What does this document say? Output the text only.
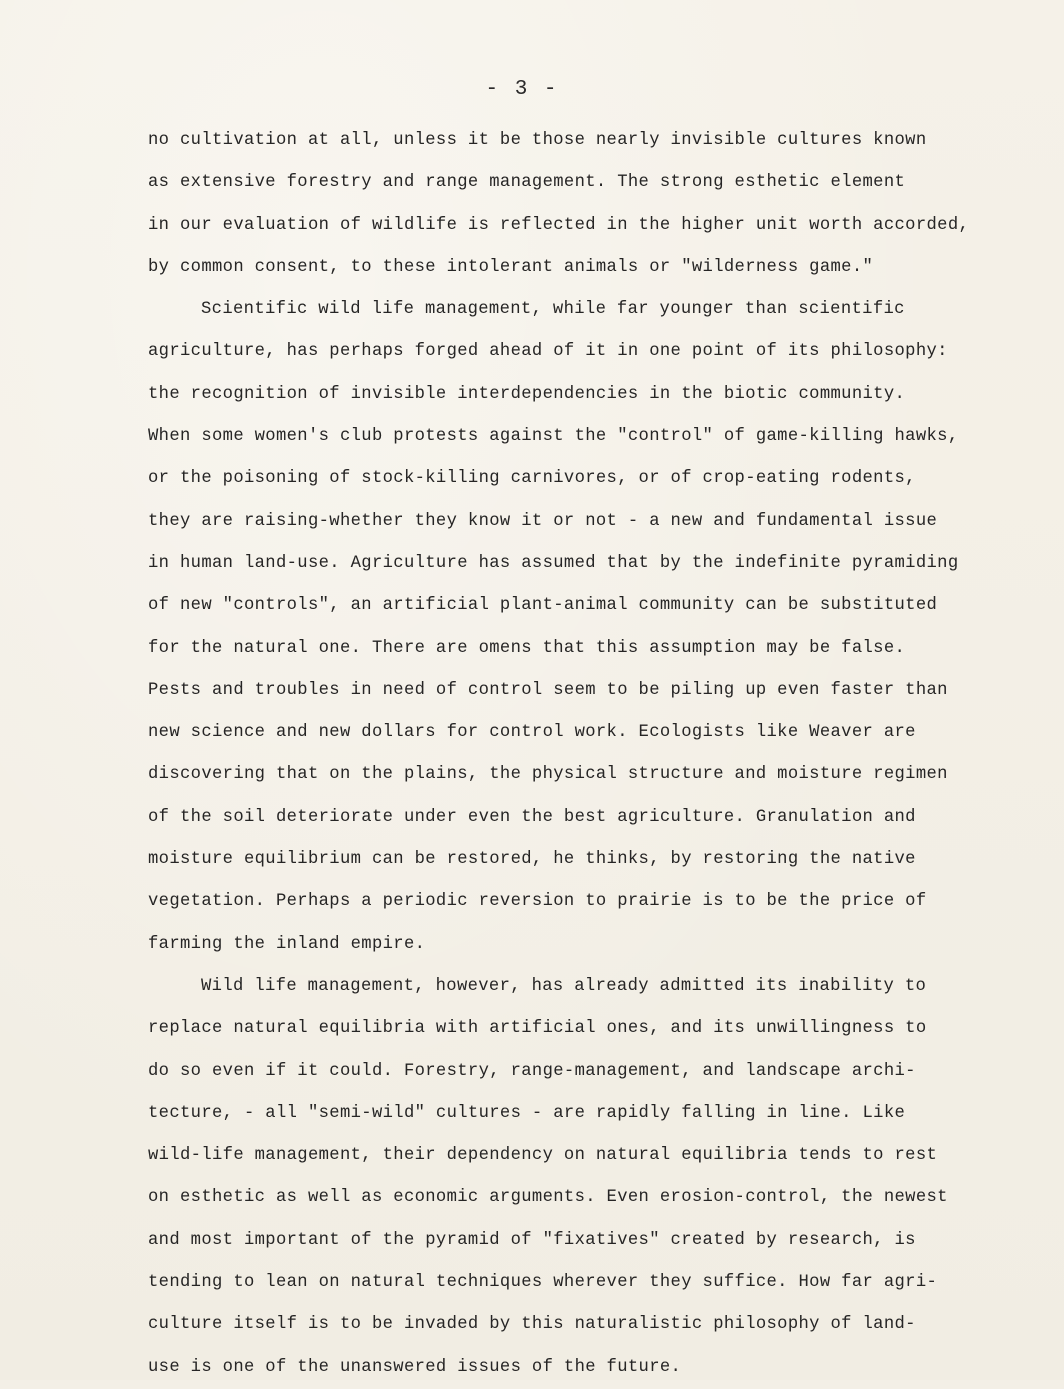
- 3 -
no cultivation at all, unless it be those nearly invisible cultures known
as extensive forestry and range management. The strong esthetic element
in our evaluation of wildlife is reflected in the higher unit worth accorded,
by common consent, to these intolerant animals or "wilderness game."
Scientific wild life management, while far younger than scientific
agriculture, has perhaps forged ahead of it in one point of its philosophy:
the recognition of invisible interdependencies in the biotic community.
When some women's club protests against the "control" of game-killing hawks,
or the poisoning of stock-killing carnivores, or of crop-eating rodents,
they are raising-whether they know it or not - a new and fundamental issue
in human land-use. Agriculture has assumed that by the indefinite pyramiding
of new "controls", an artificial plant-animal community can be substituted
for the natural one. There are omens that this assumption may be false.
Pests and troubles in need of control seem to be piling up even faster than
new science and new dollars for control work. Ecologists like Weaver are
discovering that on the plains, the physical structure and moisture regimen
of the soil deteriorate under even the best agriculture. Granulation and
moisture equilibrium can be restored, he thinks, by restoring the native
vegetation. Perhaps a periodic reversion to prairie is to be the price of
farming the inland empire.
Wild life management, however, has already admitted its inability to
replace natural equilibria with artificial ones, and its unwillingness to
do so even if it could. Forestry, range-management, and landscape archi-
tecture, - all "semi-wild" cultures - are rapidly falling in line. Like
wild-life management, their dependency on natural equilibria tends to rest
on esthetic as well as economic arguments. Even erosion-control, the newest
and most important of the pyramid of "fixatives" created by research, is
tending to lean on natural techniques wherever they suffice. How far agri-
culture itself is to be invaded by this naturalistic philosophy of land-
use is one of the unanswered issues of the future.
